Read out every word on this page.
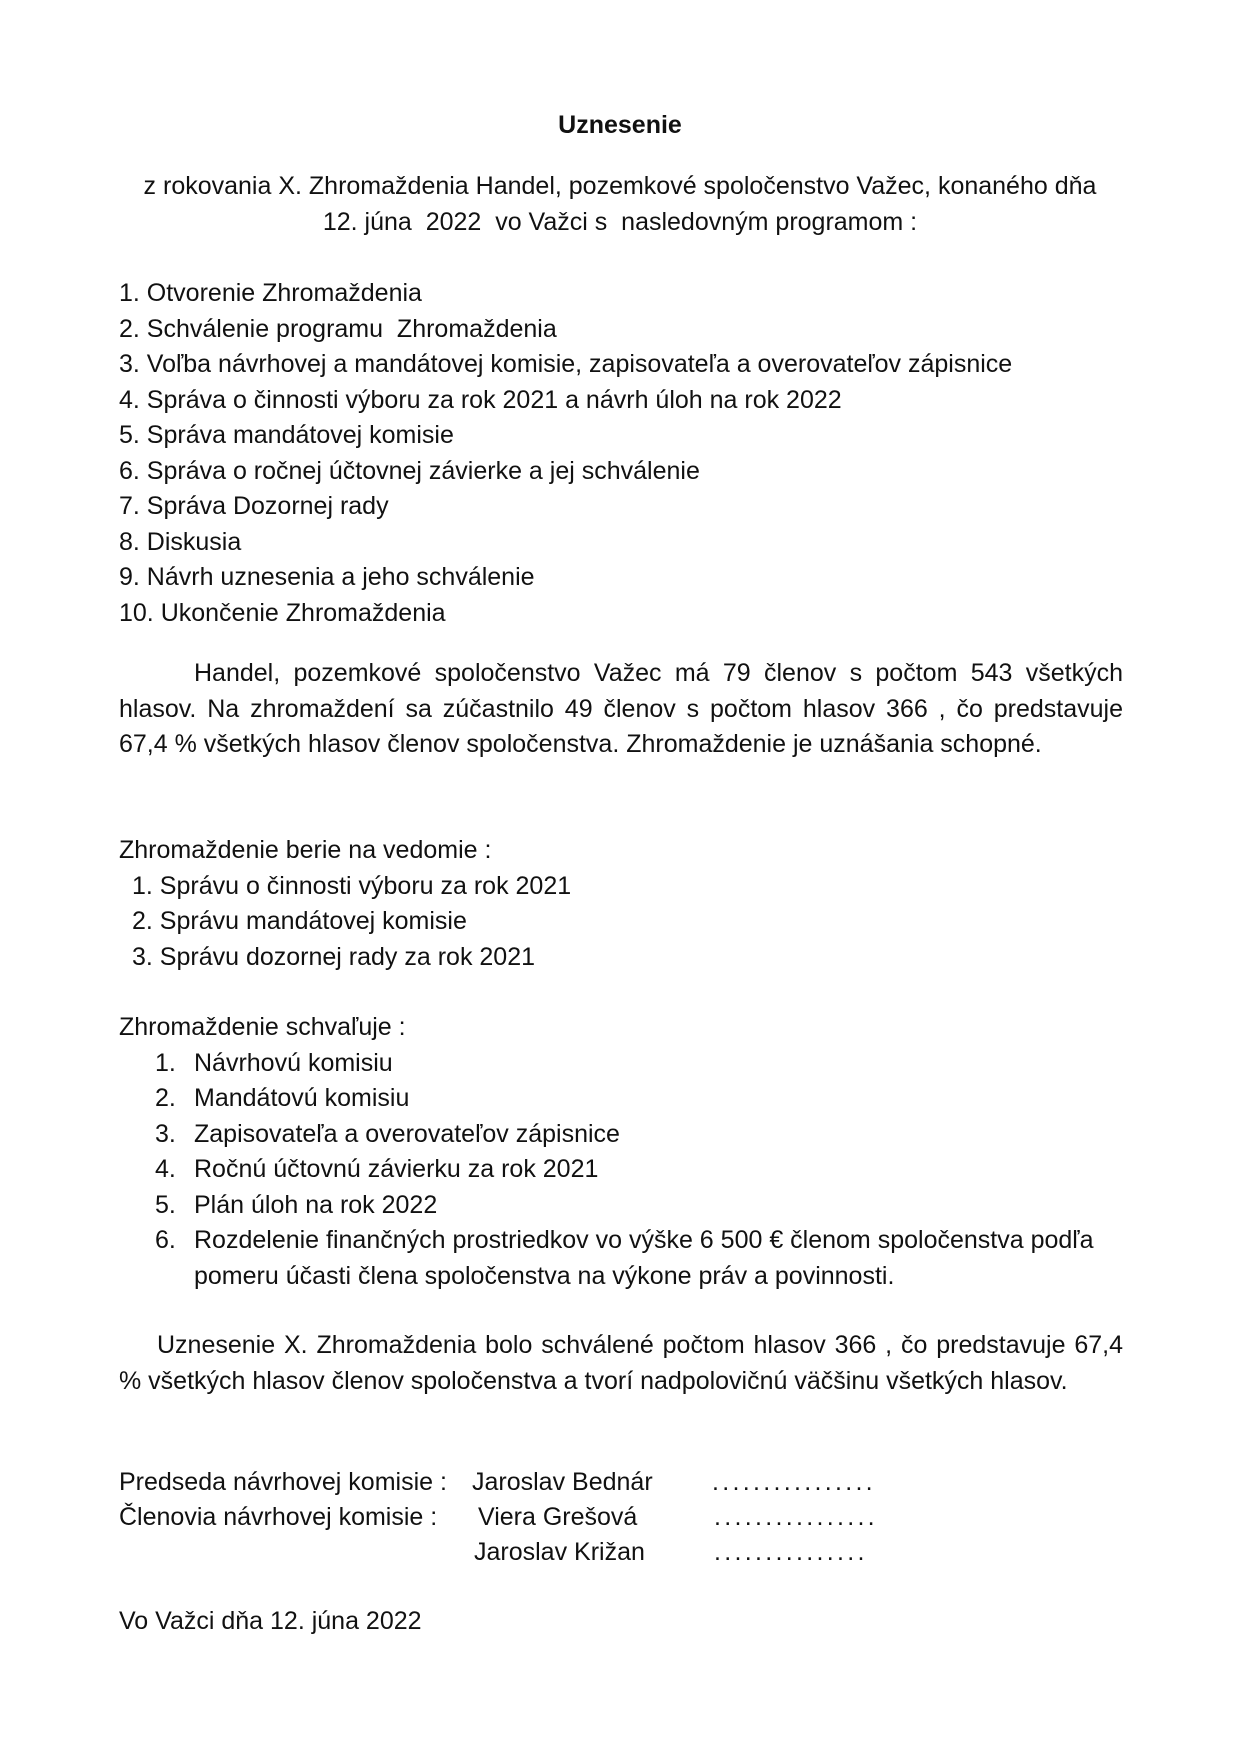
Uznesenie
z rokovania X. Zhromaždenia Handel, pozemkové spoločenstvo Važec, konaného dňa
12. júna  2022  vo Važci s  nasledovným programom :
1. Otvorenie Zhromaždenia
2. Schválenie programu  Zhromaždenia
3. Voľba návrhovej a mandátovej komisie, zapisovateľa a overovateľov zápisnice
4. Správa o činnosti výboru za rok 2021 a návrh úloh na rok 2022
5. Správa mandátovej komisie
6. Správa o ročnej účtovnej závierke a jej schválenie
7. Správa Dozornej rady
8. Diskusia
9. Návrh uznesenia a jeho schválenie
10. Ukončenie Zhromaždenia
Handel, pozemkové spoločenstvo Važec má 79 členov s počtom 543 všetkých hlasov. Na zhromaždení sa zúčastnilo 49 členov s počtom hlasov 366 , čo predstavuje 67,4 % všetkých hlasov členov spoločenstva. Zhromaždenie je uznášania schopné.
Zhromaždenie berie na vedomie :
1. Správu o činnosti výboru za rok 2021
2. Správu mandátovej komisie
3. Správu dozornej rady za rok 2021
Zhromaždenie schvaľuje :
1. Návrhovú komisiu
2. Mandátovú komisiu
3. Zapisovateľa a overovateľov zápisnice
4. Ročnú účtovnú závierku za rok 2021
5. Plán úloh na rok 2022
6. Rozdelenie finančných prostriedkov vo výške 6 500 € členom spoločenstva podľa pomeru účasti člena spoločenstva na výkone práv a povinnosti.
Uznesenie X. Zhromaždenia bolo schválené počtom hlasov 366 , čo predstavuje 67,4 % všetkých hlasov členov spoločenstva a tvorí nadpolovičnú väčšinu všetkých hlasov.
Predseda návrhovej komisie : Jaroslav Bednár ................
Členovia návrhovej komisie : Viera Grešová	................
Jaroslav Križan	...............
Vo Važci dňa 12. júna 2022
